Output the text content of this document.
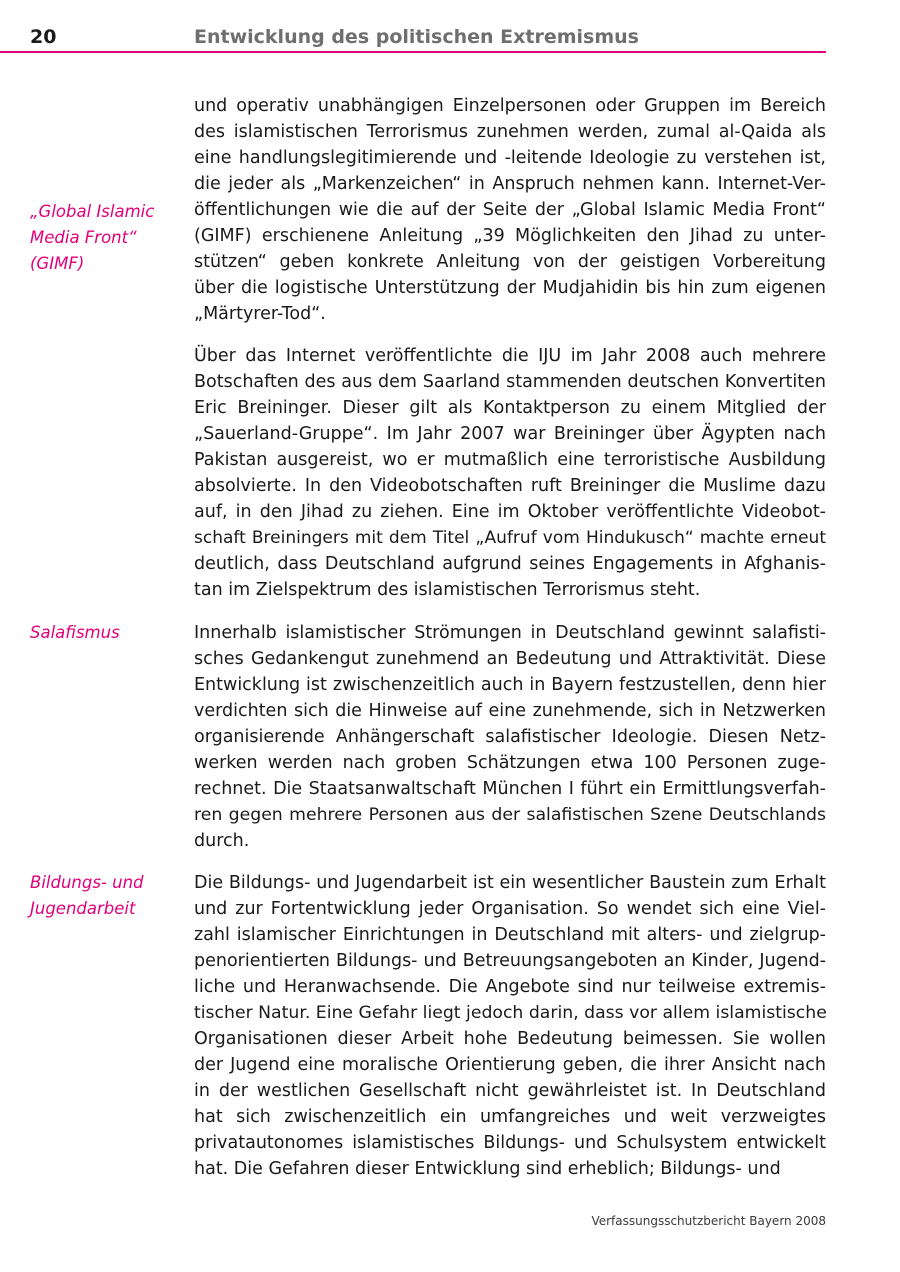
20	Entwicklung des politischen Extremismus
„Global Islamic
Media Front“
(GIMF)
Salafismus
Bildungs- und
Jugendarbeit
und operativ unabhängigen Einzelpersonen oder Gruppen im Bereich
des islamistischen Terrorismus zunehmen werden, zumal al-Qaida als
eine handlungslegitimierende und -leitende Ideologie zu verstehen ist,
die jeder als „Markenzeichen“ in Anspruch nehmen kann. Internet-Ver-
öffentlichungen wie die auf der Seite der „Global Islamic Media Front“
(GIMF) erschienene Anleitung „39 Möglichkeiten den Jihad zu unter-
stützen“ geben konkrete Anleitung von der geistigen Vorbereitung
über die logistische Unterstützung der Mudjahidin bis hin zum eigenen
„Märtyrer-Tod“.
Über das Internet veröffentlichte die IJU im Jahr 2008 auch mehrere
Botschaften des aus dem Saarland stammenden deutschen Konvertiten
Eric Breininger. Dieser gilt als Kontaktperson zu einem Mitglied der
„Sauerland-Gruppe“. Im Jahr 2007 war Breininger über Ägypten nach
Pakistan ausgereist, wo er mutmaßlich eine terroristische Ausbildung
absolvierte. In den Videobotschaften ruft Breininger die Muslime dazu
auf, in den Jihad zu ziehen. Eine im Oktober veröffentlichte Videobot-
schaft Breiningers mit dem Titel „Aufruf vom Hindukusch“ machte erneut
deutlich, dass Deutschland aufgrund seines Engagements in Afghanis-
tan im Zielspektrum des islamistischen Terrorismus steht.
Innerhalb islamistischer Strömungen in Deutschland gewinnt salafisti-
sches Gedankengut zunehmend an Bedeutung und Attraktivität. Diese
Entwicklung ist zwischenzeitlich auch in Bayern festzustellen, denn hier
verdichten sich die Hinweise auf eine zunehmende, sich in Netzwerken
organisierende Anhängerschaft salafistischer Ideologie. Diesen Netz-
werken werden nach groben Schätzungen etwa 100 Personen zuge-
rechnet. Die Staatsanwaltschaft München I führt ein Ermittlungsverfah-
ren gegen mehrere Personen aus der salafistischen Szene Deutschlands
durch.
Die Bildungs- und Jugendarbeit ist ein wesentlicher Baustein zum Erhalt
und zur Fortentwicklung jeder Organisation. So wendet sich eine Viel-
zahl islamischer Einrichtungen in Deutschland mit alters- und zielgrup-
penorientierten Bildungs- und Betreuungsangeboten an Kinder, Jugend-
liche und Heranwachsende. Die Angebote sind nur teilweise extremis-
tischer Natur. Eine Gefahr liegt jedoch darin, dass vor allem islamistische
Organisationen dieser Arbeit hohe Bedeutung beimessen. Sie wollen
der Jugend eine moralische Orientierung geben, die ihrer Ansicht nach
in der westlichen Gesellschaft nicht gewährleistet ist. In Deutschland
hat sich zwischenzeitlich ein umfangreiches und weit verzweigtes
privatautonomes islamistisches Bildungs- und Schulsystem entwickelt
hat. Die Gefahren dieser Entwicklung sind erheblich; Bildungs- und
Verfassungsschutzbericht Bayern 2008
